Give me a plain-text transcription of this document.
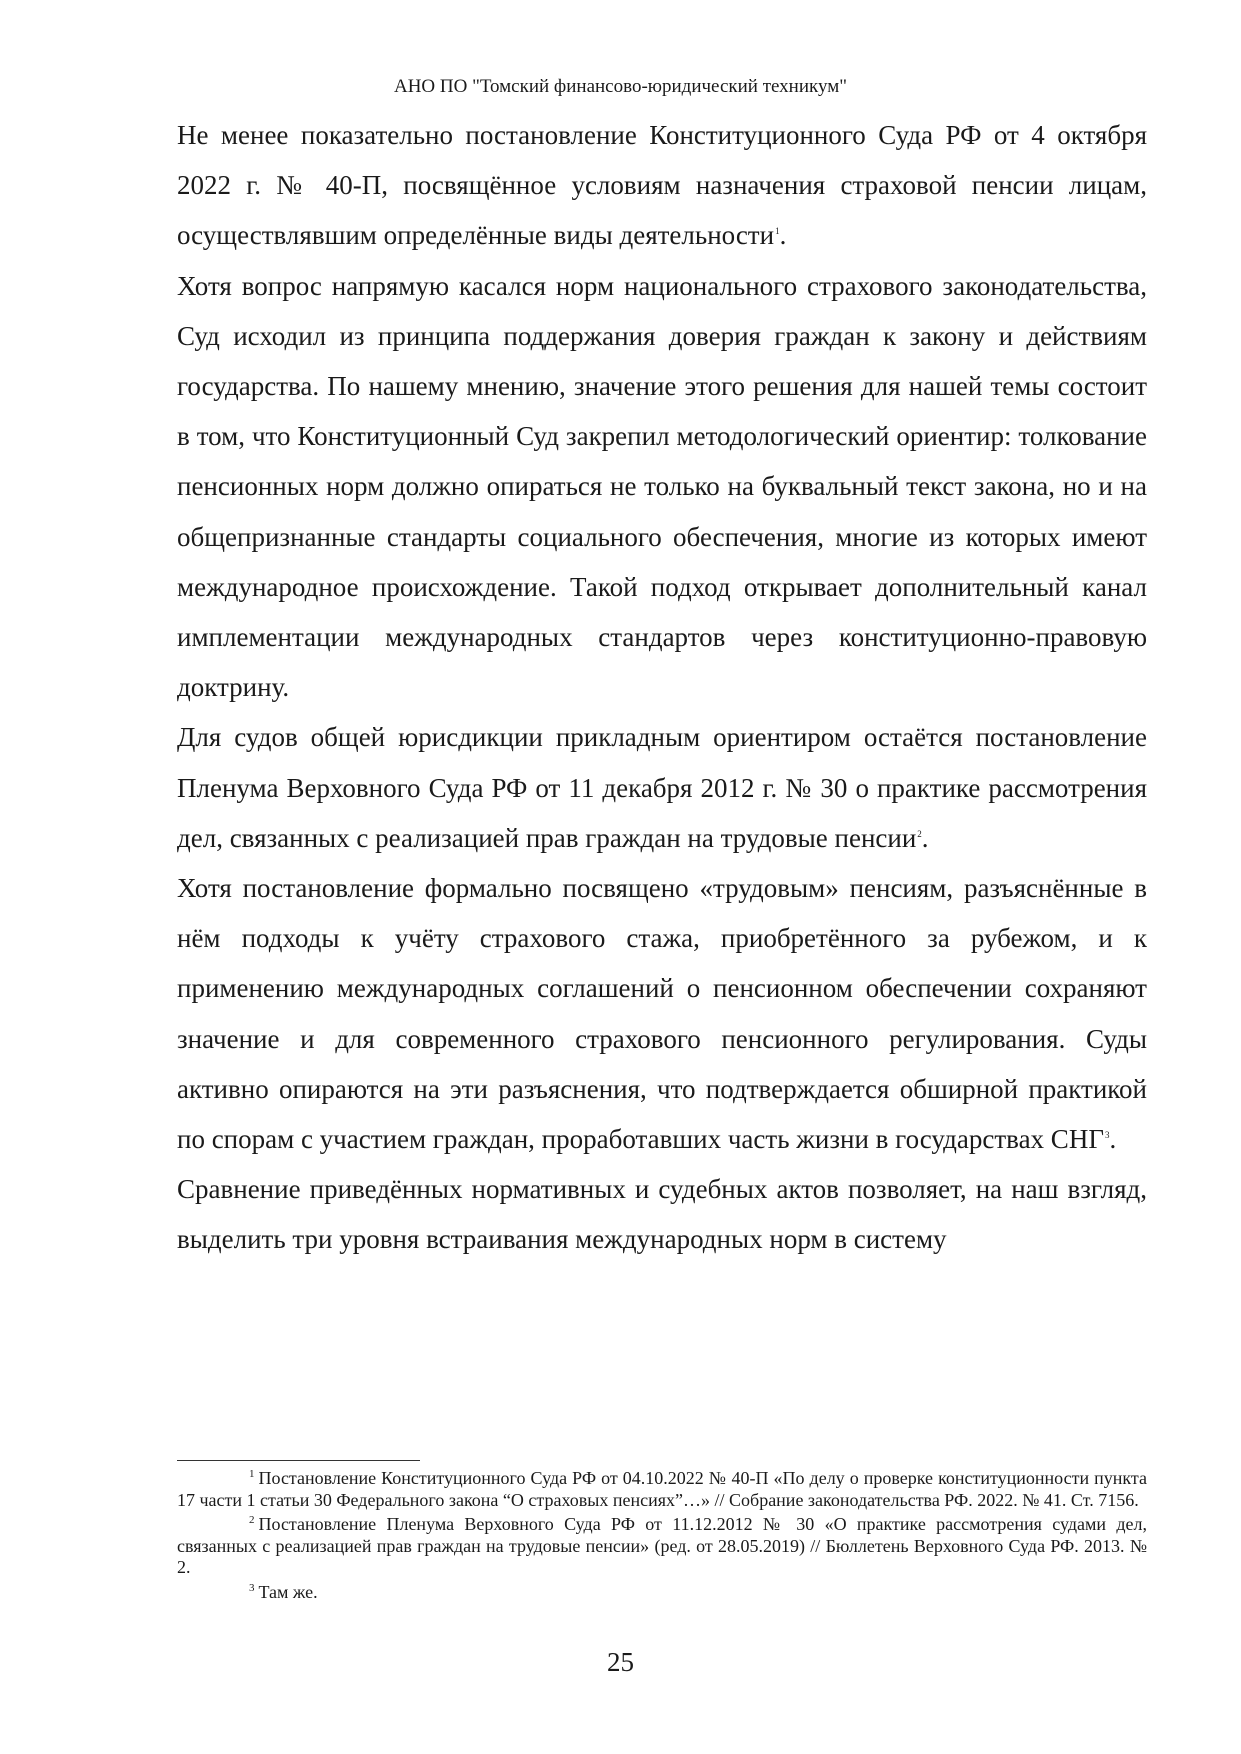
АНО ПО "Томский финансово-юридический техникум"

Не менее показательно постановление Конституционного Суда РФ от 4 октября 2022 г. № 40-П, посвящённое условиям назначения страховой пенсии лицам, осуществлявшим определённые виды деятельности$^1$.

Хотя вопрос напрямую касался норм национального страхового законодательства, Суд исходил из принципа поддержания доверия граждан к закону и действиям государства. По нашему мнению, значение этого решения для нашей темы состоит в том, что Конституционный Суд закрепил методологический ориентир: толкование пенсионных норм должно опираться не только на буквальный текст закона, но и на общепризнанные стандарты социального обеспечения, многие из которых имеют международное происхождение. Такой подход открывает дополнительный канал имплементации международных стандартов через конституционно-правовую доктрину.

Для судов общей юрисдикции прикладным ориентиром остаётся постановление Пленума Верховного Суда РФ от 11 декабря 2012 г. № 30 о практике рассмотрения дел, связанных с реализацией прав граждан на трудовые пенсии$^2$.

Хотя постановление формально посвящено «трудовым» пенсиям, разъяснённые в нём подходы к учёту страхового стажа, приобретённого за рубежом, и к применению международных соглашений о пенсионном обеспечении сохраняют значение и для современного страхового пенсионного регулирования. Суды активно опираются на эти разъяснения, что подтверждается обширной практикой по спорам с участием граждан, проработавших часть жизни в государствах СНГ$^3$.

Сравнение приведённых нормативных и судебных актов позволяет, на наш взгляд, выделить три уровня встраивания международных норм в систему

$^1$ Постановление Конституционного Суда РФ от 04.10.2022 № 40-П «По делу о проверке конституционности пункта 17 части 1 статьи 30 Федерального закона “О страховых пенсиях”…» // Собрание законодательства РФ. 2022. № 41. Ст. 7156.

$^2$ Постановление Пленума Верховного Суда РФ от 11.12.2012 № 30 «О практике рассмотрения судами дел, связанных с реализацией прав граждан на трудовые пенсии» (ред. от 28.05.2019) // Бюллетень Верховного Суда РФ. 2013. № 2.

$^3$ Там же.

25
